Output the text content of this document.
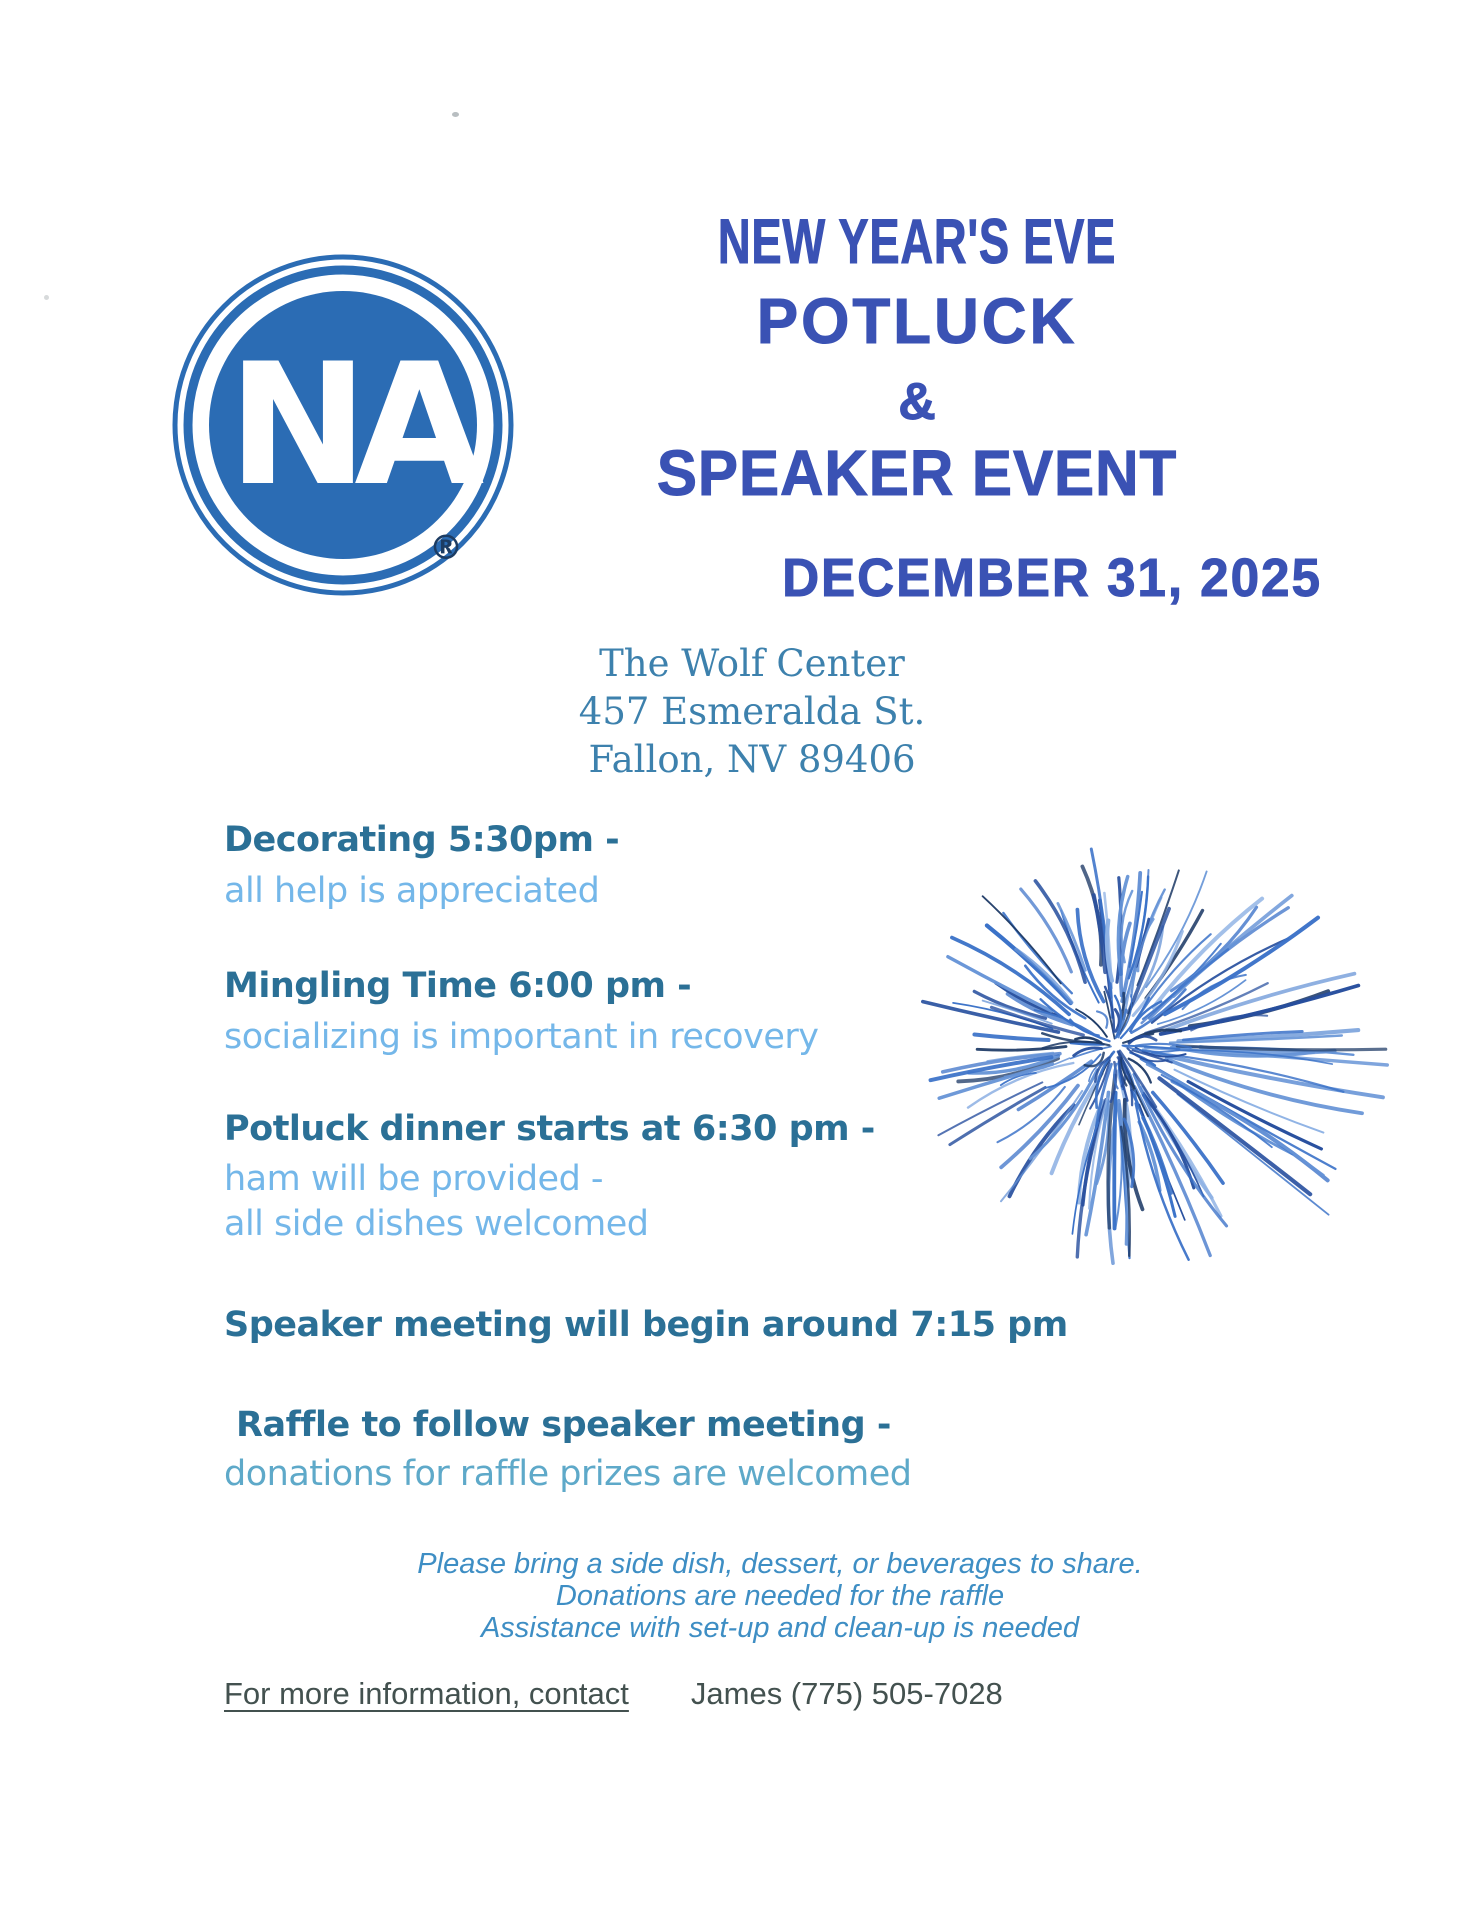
NA
®
NEW YEAR'S EVE
POTLUCK
&
SPEAKER EVENT
DECEMBER 31, 2025
The Wolf Center
457 Esmeralda St.
Fallon, NV 89406
Decorating 5:30pm -
all help is appreciated
Mingling Time 6:00 pm -
socializing is important in recovery
Potluck dinner starts at 6:30 pm -
ham will be provided -
all side dishes welcomed
Speaker meeting will begin around 7:15 pm
Raffle to follow speaker meeting -
donations for raffle prizes are welcomed
Please bring a side dish, dessert, or beverages to share.
Donations are needed for the raffle
Assistance with set-up and clean-up is needed
For more information, contact James (775) 505-7028
